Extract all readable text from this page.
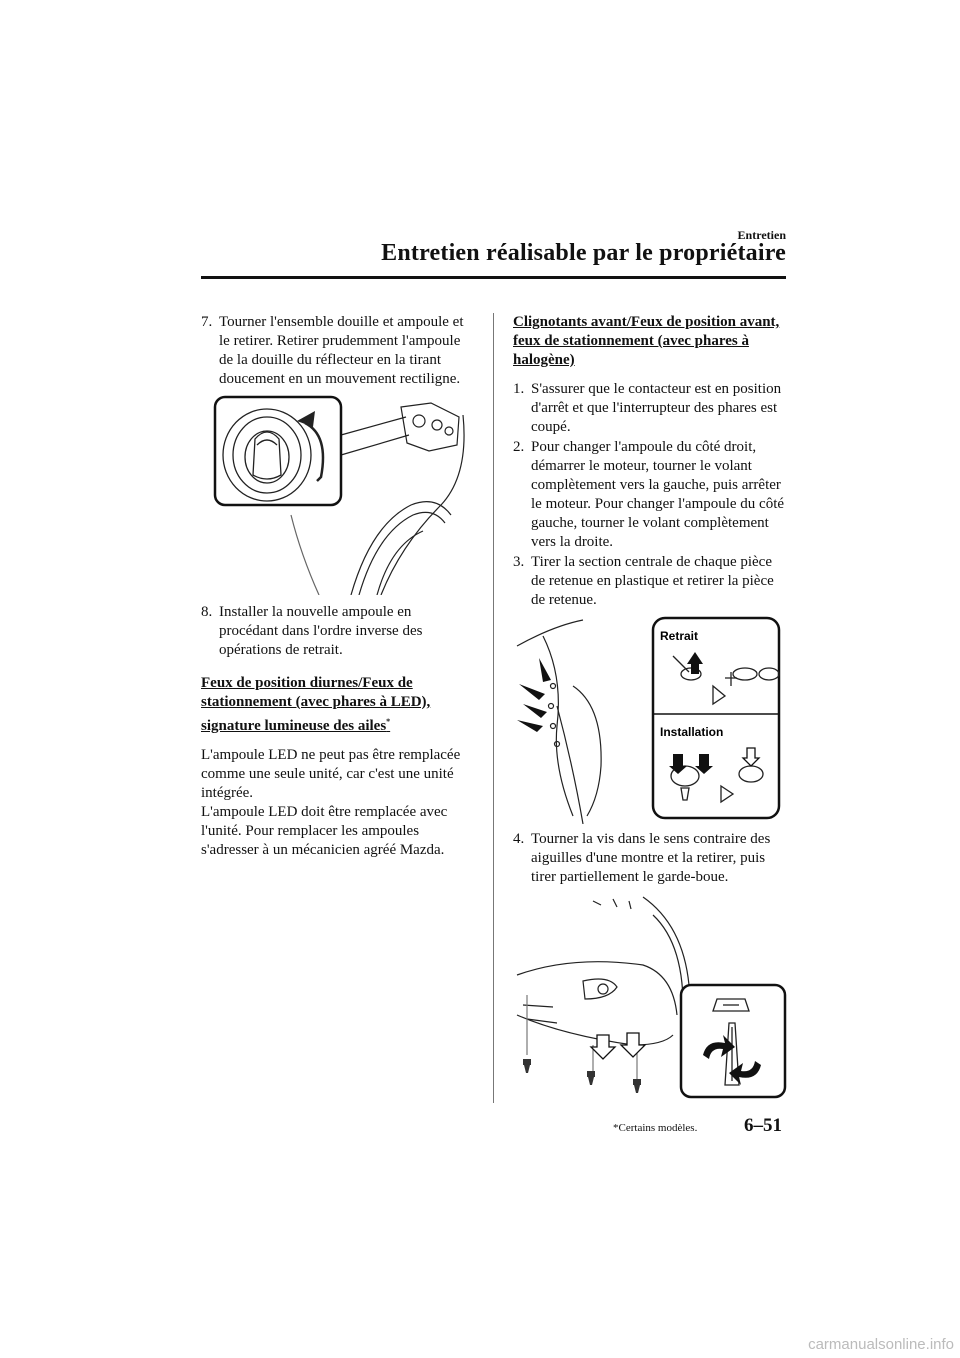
Entretien
Entretien réalisable par le propriétaire
7. Tourner l'ensemble douille et ampoule et le retirer. Retirer prudemment l'ampoule de la douille du réflecteur en la tirant doucement en un mouvement rectiligne.
8. Installer la nouvelle ampoule en procédant dans l'ordre inverse des opérations de retrait.
Feux de position diurnes/Feux de stationnement (avec phares à LED), signature lumineuse des ailes*

L'ampoule LED ne peut pas être remplacée comme une seule unité, car c'est une unité intégrée.

L'ampoule LED doit être remplacée avec l'unité. Pour remplacer les ampoules s'adresser à un mécanicien agréé Mazda.

Clignotants avant/Feux de position avant, feux de stationnement (avec phares à halogène)
1. S'assurer que le contacteur est en position d'arrêt et que l'interrupteur des phares est coupé.
2. Pour changer l'ampoule du côté droit, démarrer le moteur, tourner le volant complètement vers la gauche, puis arrêter le moteur. Pour changer l'ampoule du côté gauche, tourner le volant complètement vers la droite.
3. Tirer la section centrale de chaque pièce de retenue en plastique et retirer la pièce de retenue.
Retrait
Installation
4. Tourner la vis dans le sens contraire des aiguilles d'une montre et la retirer, puis tirer partiellement le garde-boue.
*Certains modèles. 6–51
carmanualsonline.info
